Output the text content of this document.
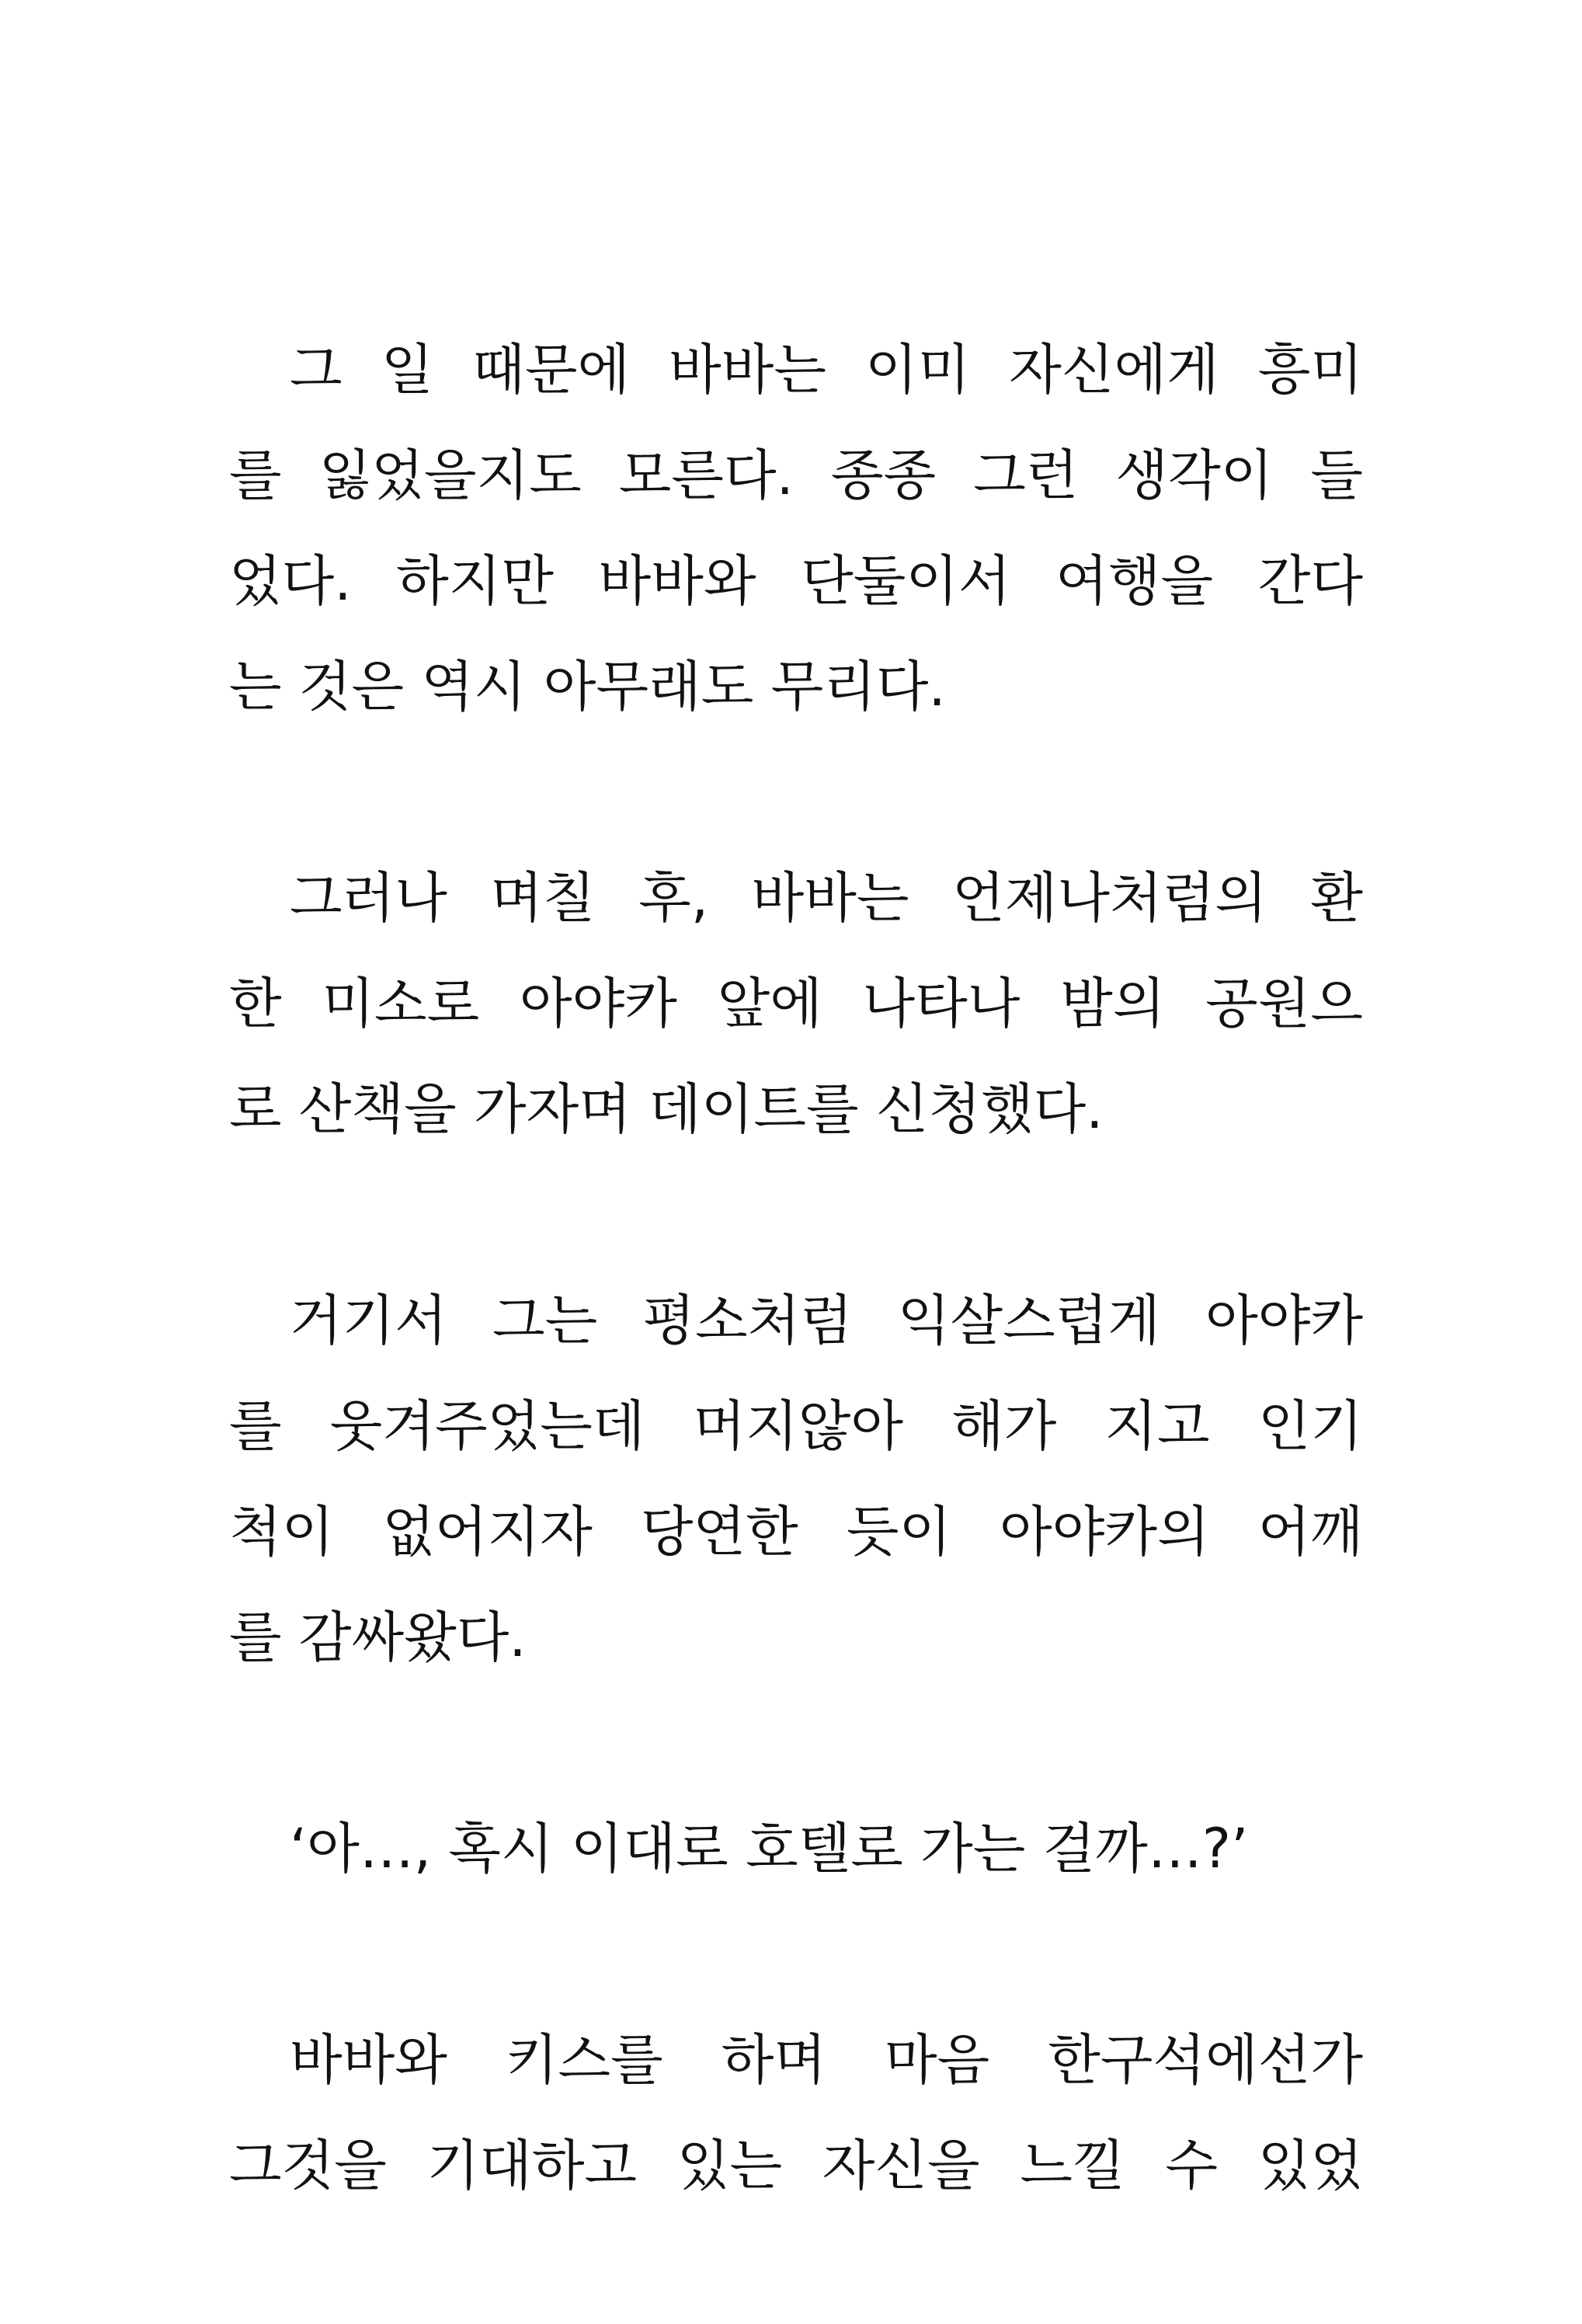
그 일 때문에 바바는 이미 자신에게 흥미
를 잃었을지도 모른다. 종종 그런 생각이 들
었다. 하지만 바바와 단둘이서 여행을 간다
는 것은 역시 아무래도 무리다.
그러나 며칠 후, 바바는 언제나처럼의 환
한 미소로 아야카 앞에 나타나 밤의 공원으
로 산책을 가자며 데이트를 신청했다.
거기서 그는 평소처럼 익살스럽게 아야카
를 웃겨주었는데 머지않아 해가 지고 인기
척이 없어지자 당연한 듯이 아야카의 어깨
를 감싸왔다.
‘아…, 혹시 이대로 호텔로 가는 걸까…?’
바바와 키스를 하며 마음 한구석에선가
그것을 기대하고 있는 자신을 느낄 수 있었
